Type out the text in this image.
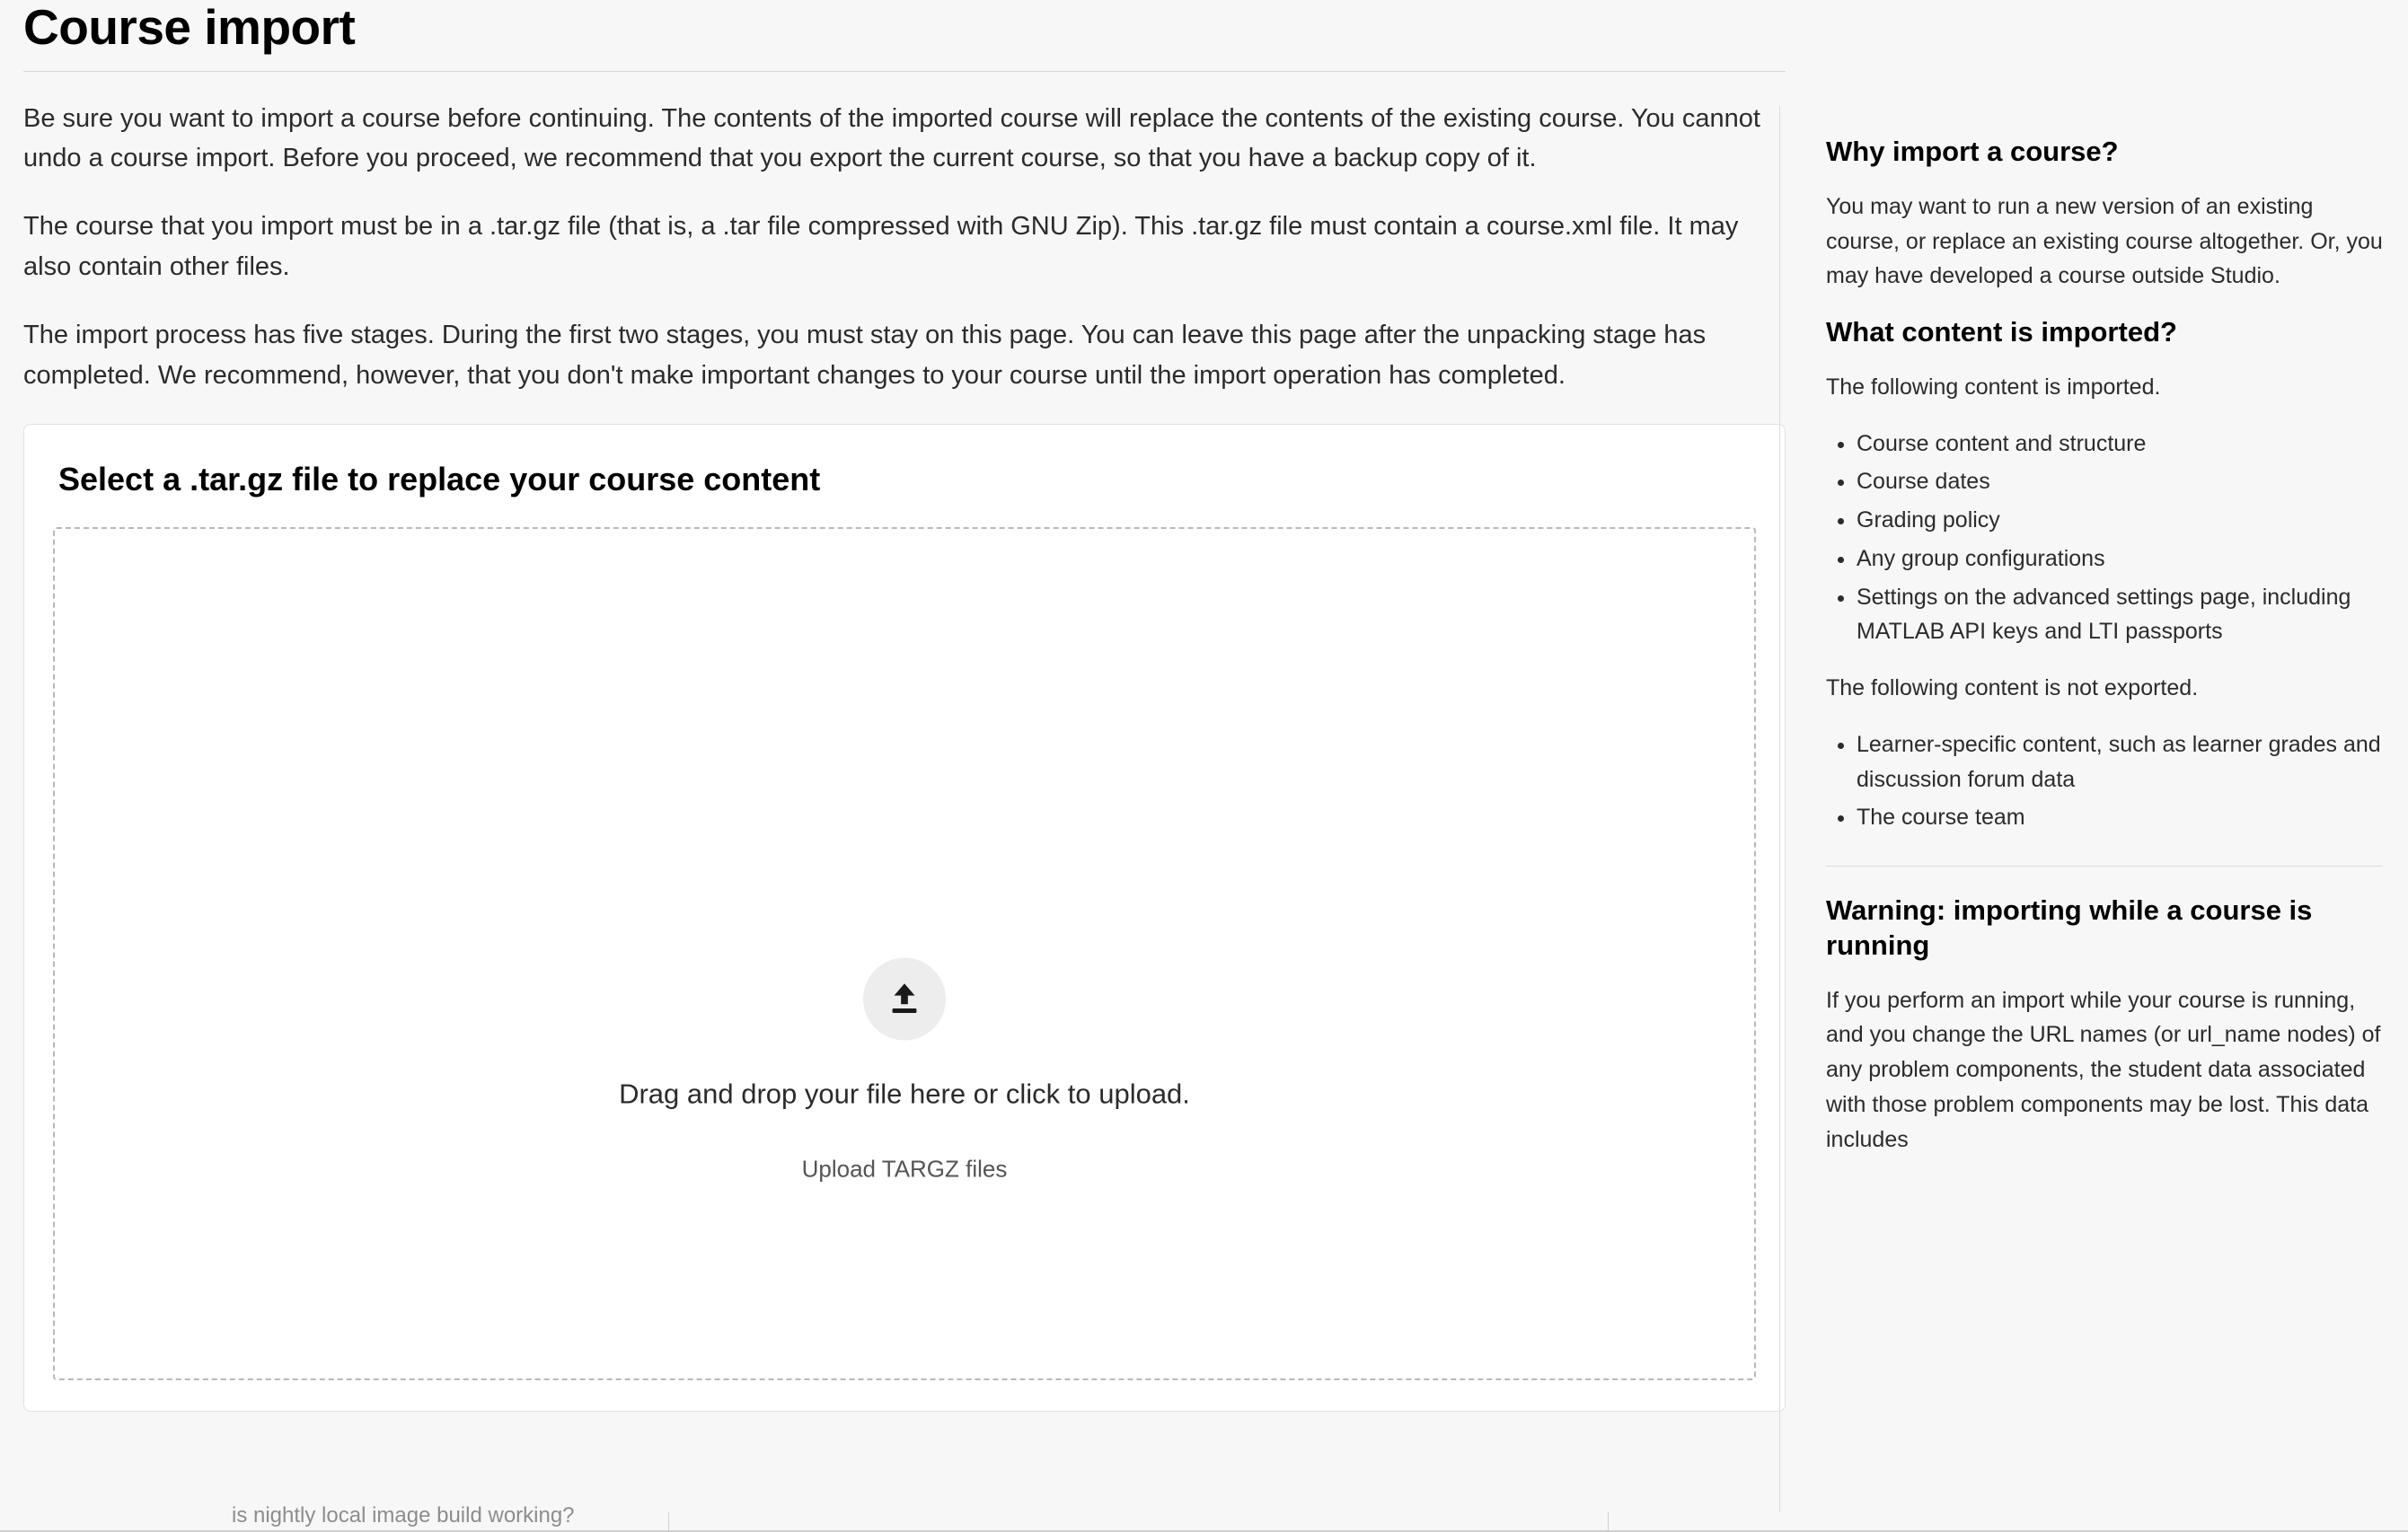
Course import

Be sure you want to import a course before continuing. The contents of the imported course will replace the contents of the existing course. You cannot undo a course import. Before you proceed, we recommend that you export the current course, so that you have a backup copy of it.

The course that you import must be in a .tar.gz file (that is, a .tar file compressed with GNU Zip). This .tar.gz file must contain a course.xml file. It may also contain other files.

The import process has five stages. During the first two stages, you must stay on this page. You can leave this page after the unpacking stage has completed. We recommend, however, that you don't make important changes to your course until the import operation has completed.

Select a .tar.gz file to replace your course content

Drag and drop your file here or click to upload.

Upload TARGZ files

Why import a course?

You may want to run a new version of an existing course, or replace an existing course altogether. Or, you may have developed a course outside Studio.

What content is imported?

The following content is imported.

• Course content and structure
• Course dates
• Grading policy
• Any group configurations
• Settings on the advanced settings page, including MATLAB API keys and LTI passports

The following content is not exported.

• Learner-specific content, such as learner grades and discussion forum data
• The course team
Warning: importing while a course is running

If you perform an import while your course is running, and you change the URL names (or url_name nodes) of any problem components, the student data associated with those problem components may be lost. This data includes

is nightly local image build working?
